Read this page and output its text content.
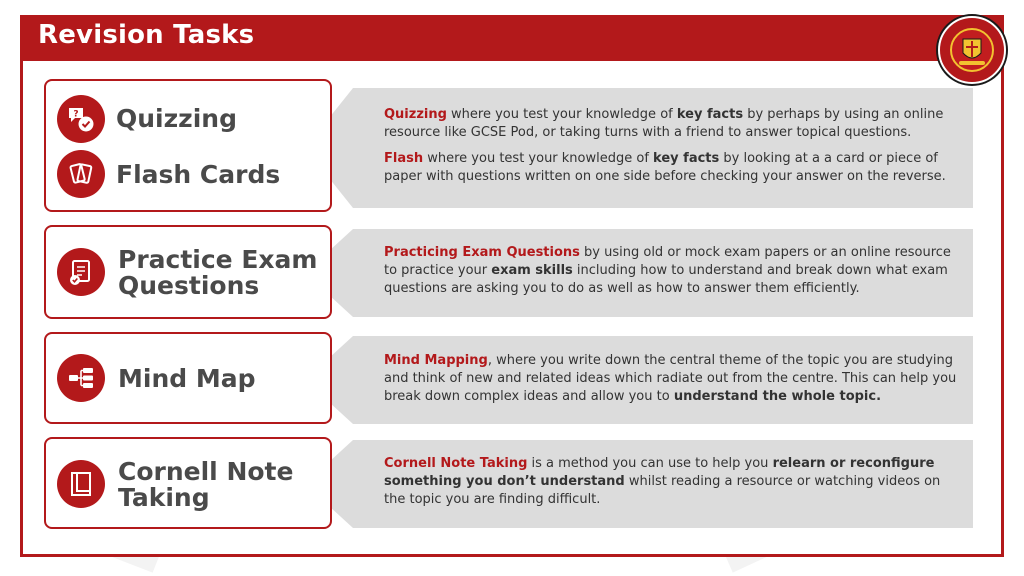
Revision Tasks
? Quizzing
Flash Cards

Quizzing where you test your knowledge of key facts by perhaps by using an online resource like GCSE Pod, or taking turns with a friend to answer topical questions.

Flash where you test your knowledge of key facts by looking at a a card or piece of paper with questions written on one side before checking your answer on the reverse.

Practice Exam
Questions

Practicing Exam Questions by using old or mock exam papers or an online resource to practice your exam skills including how to understand and break down what exam questions are asking you to do as well as how to answer them efficiently.

Mind Map

Mind Mapping, where you write down the central theme of the topic you are studying and think of new and related ideas which radiate out from the centre. This can help you break down complex ideas and allow you to understand the whole topic.

Cornell Note
Taking

Cornell Note Taking is a method you can use to help you relearn or reconfigure something you don’t understand whilst reading a resource or watching videos on the topic you are finding difficult.
